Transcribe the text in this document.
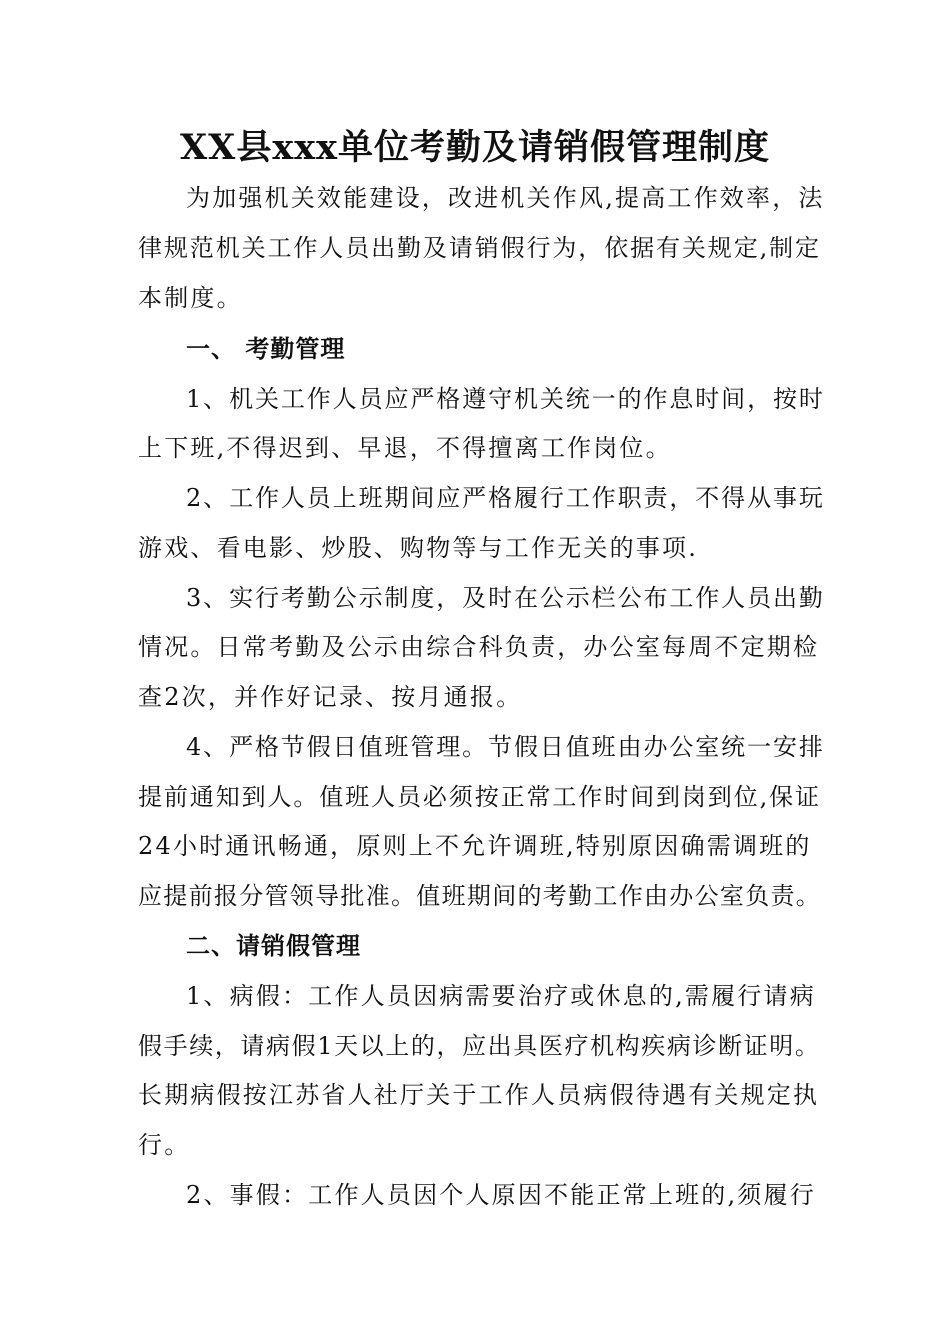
XX县xxx单位考勤及请销假管理制度
为加强机关效能建设，改进机关作风,提高工作效率，法
律规范机关工作人员出勤及请销假行为，依据有关规定,制定
本制度。
一、 考勤管理
1、机关工作人员应严格遵守机关统一的作息时间，按时
上下班,不得迟到、早退，不得擅离工作岗位。
2、工作人员上班期间应严格履行工作职责，不得从事玩
游戏、看电影、炒股、购物等与工作无关的事项.
3、实行考勤公示制度，及时在公示栏公布工作人员出勤
情况。日常考勤及公示由综合科负责，办公室每周不定期检
查2次，并作好记录、按月通报。
4、严格节假日值班管理。节假日值班由办公室统一安排
提前通知到人。值班人员必须按正常工作时间到岗到位,保证
24小时通讯畅通，原则上不允许调班,特别原因确需调班的
应提前报分管领导批准。值班期间的考勤工作由办公室负责。
二、请销假管理
1、病假：工作人员因病需要治疗或休息的,需履行请病
假手续，请病假1天以上的，应出具医疗机构疾病诊断证明。
长期病假按江苏省人社厅关于工作人员病假待遇有关规定执
行。
2、事假：工作人员因个人原因不能正常上班的,须履行
